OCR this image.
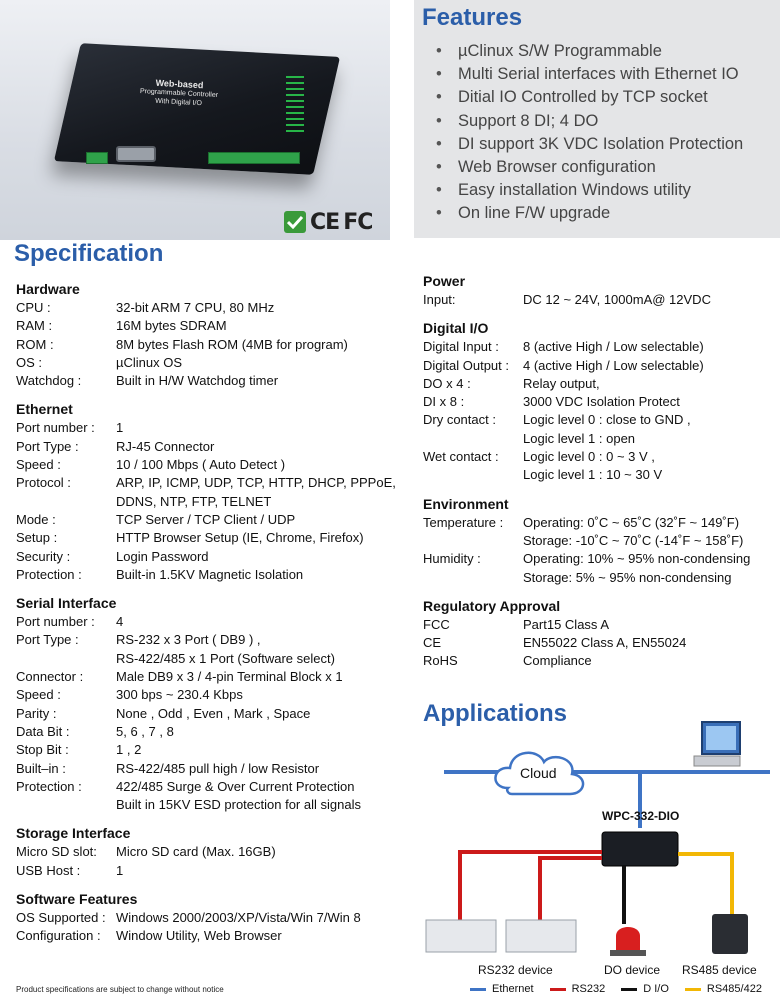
Web-based
Programmable Controller
With Digital I/O
CE FC
Features
• µClinux S/W Programmable
• Multi Serial interfaces with Ethernet IO
• Ditial IO Controlled by TCP socket
• Support 8 DI; 4 DO
• DI support 3K VDC Isolation Protection
• Web Browser configuration
• Easy installation Windows utility
• On line F/W upgrade
Specification
Hardware
CPU :	32-bit ARM 7 CPU, 80 MHz
RAM :	16M bytes SDRAM
ROM :	8M bytes Flash ROM (4MB for program)
OS :	µClinux OS
Watchdog :	Built in H/W Watchdog timer
Ethernet
Port number :	1
Port Type :	RJ-45 Connector
Speed :	10 / 100 Mbps ( Auto Detect )
Protocol :	ARP, IP, ICMP, UDP, TCP, HTTP, DHCP, PPPoE,
DDNS, NTP, FTP, TELNET
Mode :	TCP Server / TCP Client / UDP
Setup :	HTTP Browser Setup (IE, Chrome, Firefox)
Security :	Login Password
Protection :	Built-in 1.5KV Magnetic Isolation
Serial Interface
Port number :	4
Port Type :	RS-232 x 3 Port ( DB9 ) ,
RS-422/485 x 1 Port (Software select)
Connector :	Male DB9 x 3 / 4-pin Terminal Block x 1
Speed :	300 bps ~ 230.4 Kbps
Parity :	None , Odd , Even , Mark , Space
Data Bit :	5, 6 , 7 , 8
Stop Bit :	1 , 2
Built–in :	RS-422/485 pull high / low Resistor
Protection :	422/485 Surge & Over Current Protection
Built in 15KV ESD protection for all signals
Storage Interface
Micro SD slot:	Micro SD card (Max. 16GB)
USB Host :	1
Software Features
OS Supported : Windows 2000/2003/XP/Vista/Win 7/Win 8
Configuration :	Window Utility, Web Browser
Power
Input:	DC 12 ~ 24V, 1000mA@ 12VDC
Digital I/O
Digital Input :	8 (active High / Low selectable)
Digital Output :	4 (active High / Low selectable)
DO x 4 :	Relay output,
DI x 8 :	3000 VDC Isolation Protect
Dry contact :	Logic level 0 : close to GND ,
Logic level 1 : open
Wet contact :	Logic level 0 : 0 ~ 3 V ,
Logic level 1 : 10 ~ 30 V
Environment
Temperature :	Operating: 0˚C ~ 65˚C (32˚F ~ 149˚F)
Storage: -10˚C ~ 70˚C (-14˚F ~ 158˚F)
Humidity :	Operating: 10% ~ 95% non-condensing
Storage: 5% ~ 95% non-condensing
Regulatory Approval
FCC	Part15 Class A
CE	EN55022 Class A, EN55024
RoHS	Compliance
Applications
Cloud
WPC-332-DIO
RS232 device	DO device RS485 device
Ethernet	RS232	D I/O	RS485/422
Product specifications are subject to change without notice
